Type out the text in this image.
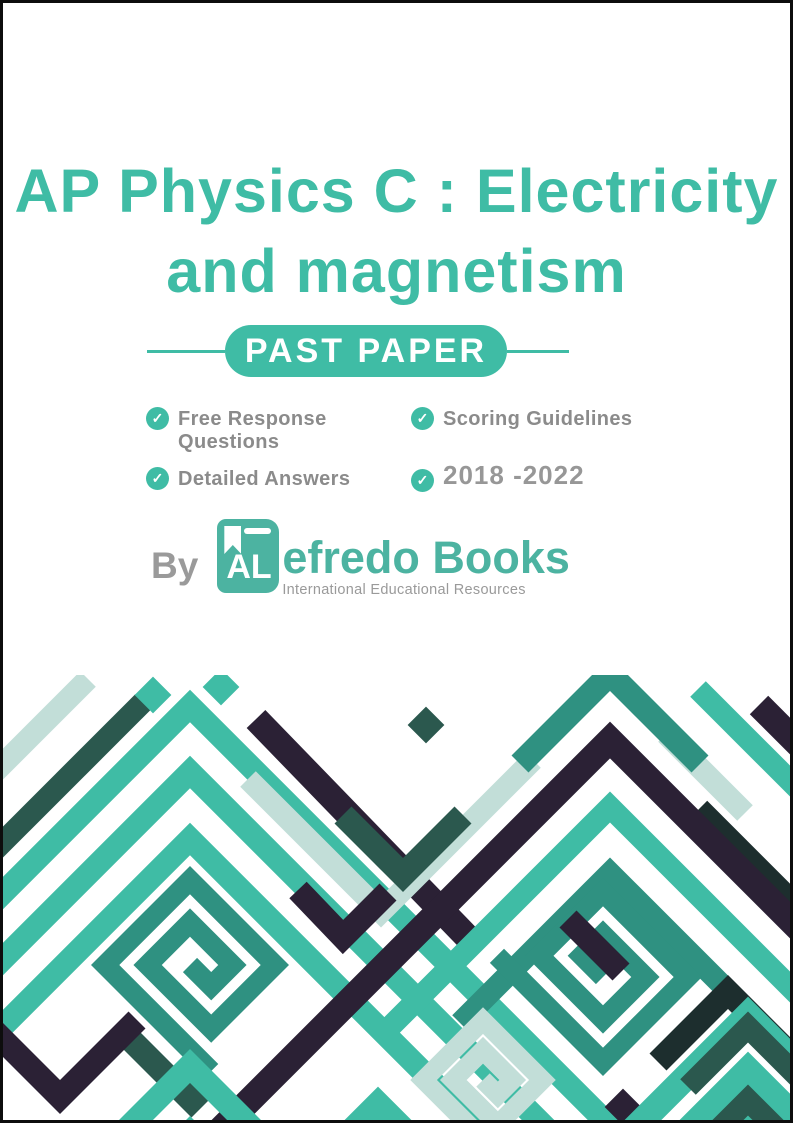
AP Physics C : Electricity
and magnetism
PAST PAPER
✓ Free Response Questions
✓ Scoring Guidelines
✓ Detailed Answers	✓ 2018 -2022
By AL efredo Books
International Educational Resources
